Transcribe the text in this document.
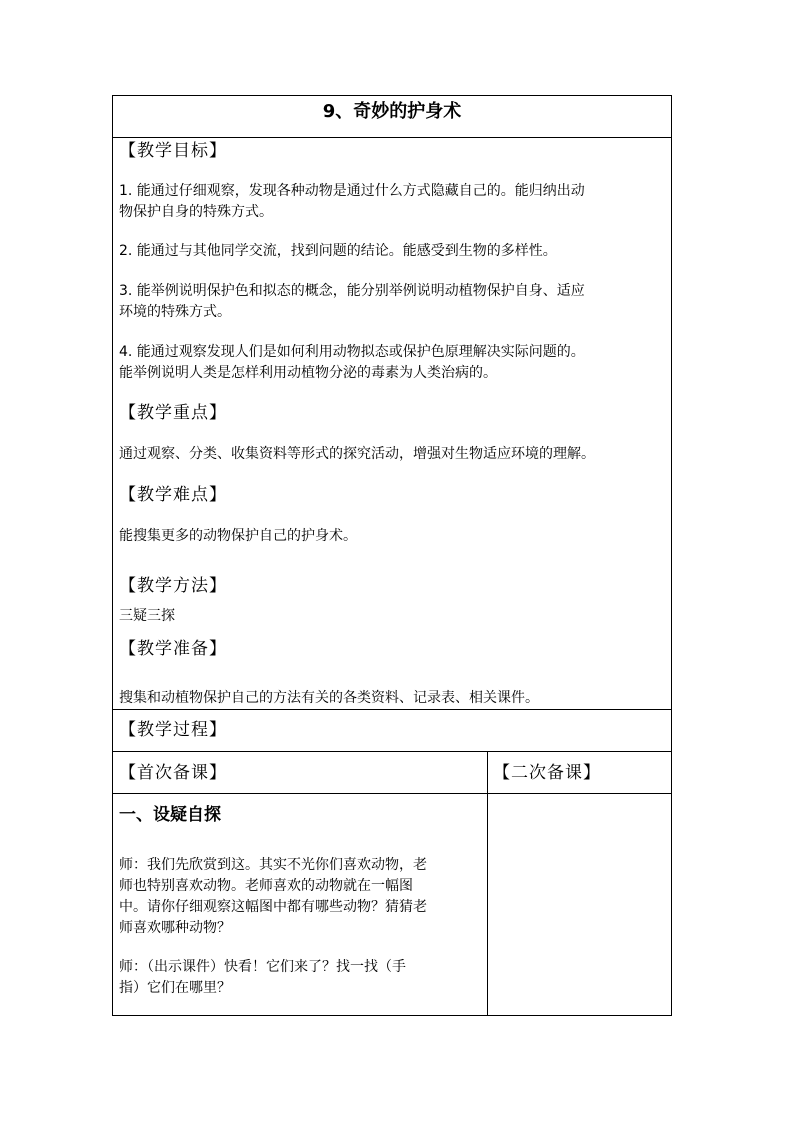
9、奇妙的护身术
【教学目标】
1. 能通过仔细观察，发现各种动物是通过什么方式隐藏自己的。能归纳出动
物保护自身的特殊方式。
2. 能通过与其他同学交流，找到问题的结论。能感受到生物的多样性。
3. 能举例说明保护色和拟态的概念，能分别举例说明动植物保护自身、适应
环境的特殊方式。
4. 能通过观察发现人们是如何利用动物拟态或保护色原理解决实际问题的。
能举例说明人类是怎样利用动植物分泌的毒素为人类治病的。
【教学重点】
通过观察、分类、收集资料等形式的探究活动，增强对生物适应环境的理解。
【教学难点】
能搜集更多的动物保护自己的护身术。
【教学方法】
三疑三探
【教学准备】
搜集和动植物保护自己的方法有关的各类资料、记录表、相关课件。
【教学过程】
【首次备课】	【二次备课】
一、设疑自探
师：我们先欣赏到这。其实不光你们喜欢动物，老
师也特别喜欢动物。老师喜欢的动物就在一幅图
中。请你仔细观察这幅图中都有哪些动物？猜猜老
师喜欢哪种动物？
师：（出示课件）快看！它们来了？找一找（手
指）它们在哪里？
